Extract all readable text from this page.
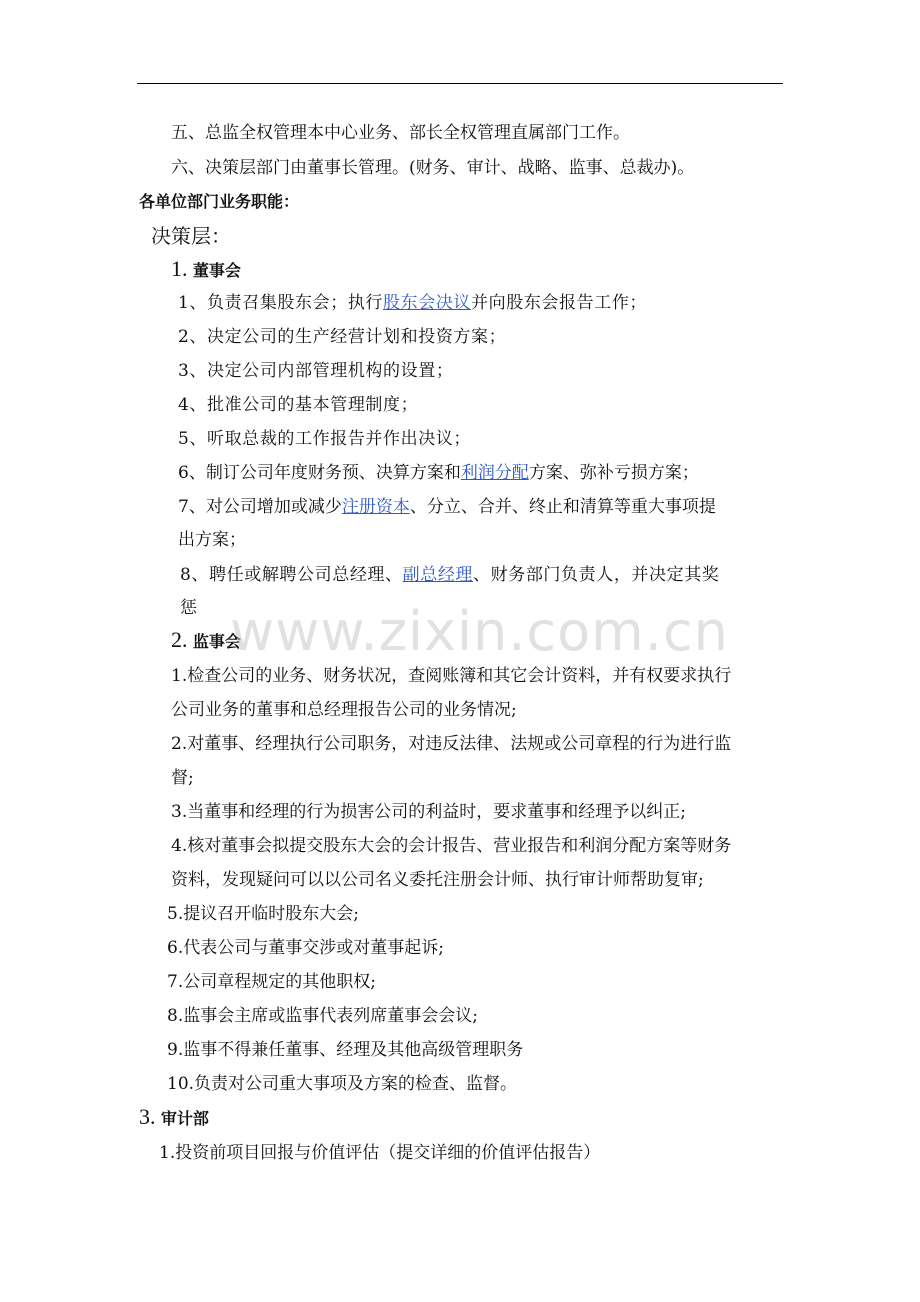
五、总监全权管理本中心业务、部长全权管理直属部门工作。
六、决策层部门由董事长管理。(财务、审计、战略、监事、总裁办)。
各单位部门业务职能：
决策层：
1. 董事会
1、负责召集股东会；执行股东会决议并向股东会报告工作；
2、决定公司的生产经营计划和投资方案；
3、决定公司内部管理机构的设置；
4、批准公司的基本管理制度；
5、听取总裁的工作报告并作出决议；
6、制订公司年度财务预、决算方案和利润分配方案、弥补亏损方案；
7、对公司增加或减少注册资本、分立、合并、终止和清算等重大事项提
出方案；
8、聘任或解聘公司总经理、副总经理、财务部门负责人，并决定其奖
惩
2. 监事会
1.检查公司的业务、财务状况，查阅账簿和其它会计资料，并有权要求执行
公司业务的董事和总经理报告公司的业务情况;
2.对董事、经理执行公司职务，对违反法律、法规或公司章程的行为进行监
督;
3.当董事和经理的行为损害公司的利益时，要求董事和经理予以纠正;
4.核对董事会拟提交股东大会的会计报告、营业报告和利润分配方案等财务
资料，发现疑问可以以公司名义委托注册会计师、执行审计师帮助复审;
5.提议召开临时股东大会;
6.代表公司与董事交涉或对董事起诉;
7.公司章程规定的其他职权;
8.监事会主席或监事代表列席董事会会议;
9.监事不得兼任董事、经理及其他高级管理职务
10.负责对公司重大事项及方案的检查、监督。
3. 审计部
1.投资前项目回报与价值评估（提交详细的价值评估报告）
www.zixin.com.cn
